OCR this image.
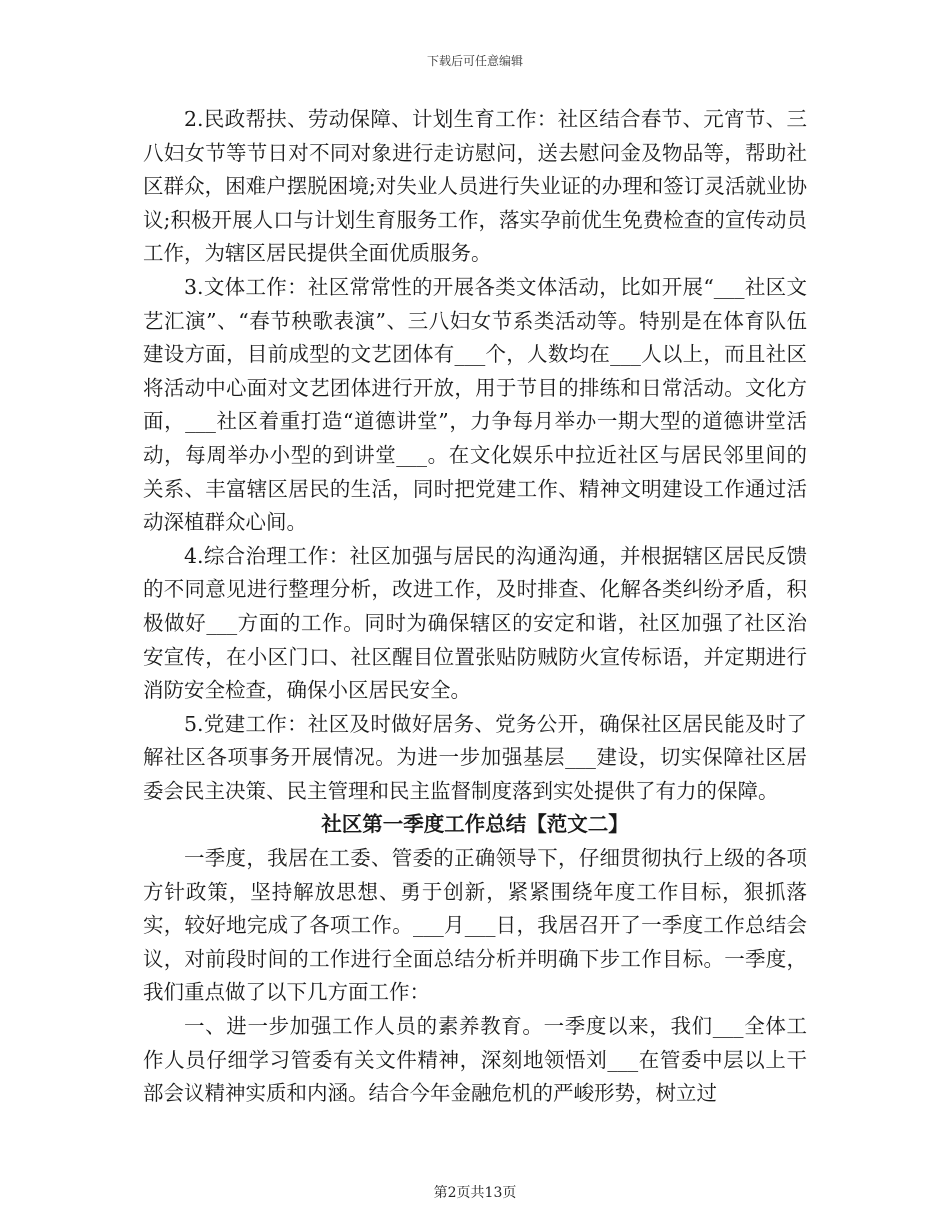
下载后可任意编辑

2.民政帮扶、劳动保障、计划生育工作：社区结合春节、元宵节、三八妇女节等节日对不同对象进行走访慰问，送去慰问金及物品等，帮助社区群众，困难户摆脱困境;对失业人员进行失业证的办理和签订灵活就业协议;积极开展人口与计划生育服务工作，落实孕前优生免费检查的宣传动员工作，为辖区居民提供全面优质服务。

3.文体工作：社区常常性的开展各类文体活动，比如开展“___社区文艺汇演”、“春节秧歌表演”、三八妇女节系类活动等。特别是在体育队伍建设方面，目前成型的文艺团体有___个，人数均在___人以上，而且社区将活动中心面对文艺团体进行开放，用于节目的排练和日常活动。文化方面，___社区着重打造“道德讲堂”，力争每月举办一期大型的道德讲堂活动，每周举办小型的到讲堂___。在文化娱乐中拉近社区与居民邻里间的关系、丰富辖区居民的生活，同时把党建工作、精神文明建设工作通过活动深植群众心间。

4.综合治理工作：社区加强与居民的沟通沟通，并根据辖区居民反馈的不同意见进行整理分析，改进工作，及时排查、化解各类纠纷矛盾，积极做好___方面的工作。同时为确保辖区的安定和谐，社区加强了社区治安宣传，在小区门口、社区醒目位置张贴防贼防火宣传标语，并定期进行消防安全检查，确保小区居民安全。

5.党建工作：社区及时做好居务、党务公开，确保社区居民能及时了解社区各项事务开展情况。为进一步加强基层___建设，切实保障社区居委会民主决策、民主管理和民主监督制度落到实处提供了有力的保障。

社区第一季度工作总结【范文二】

一季度，我居在工委、管委的正确领导下，仔细贯彻执行上级的各项方针政策，坚持解放思想、勇于创新，紧紧围绕年度工作目标，狠抓落实，较好地完成了各项工作。___月___日，我居召开了一季度工作总结会议，对前段时间的工作进行全面总结分析并明确下步工作目标。一季度，我们重点做了以下几方面工作：

一、进一步加强工作人员的素养教育。一季度以来，我们___全体工作人员仔细学习管委有关文件精神，深刻地领悟刘___在管委中层以上干部会议精神实质和内涵。结合今年金融危机的严峻形势，树立过

第2页共13页
